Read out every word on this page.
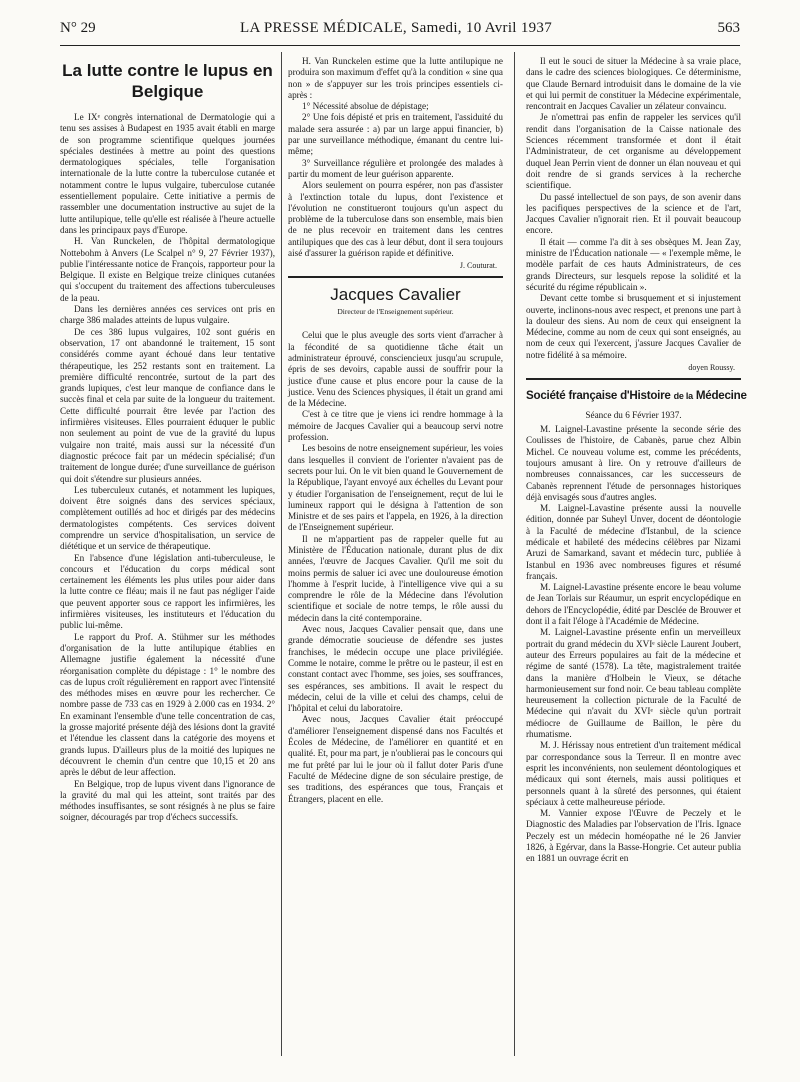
N° 29	LA PRESSE MÉDICALE, Samedi, 10 Avril 1937	563
La lutte contre le lupus en Belgique

Le IXᵉ congrès international de Dermatologie qui a tenu ses assises à Budapest en 1935 avait établi en marge de son programme scientifique quelques journées spéciales destinées à mettre au point des questions dermatologiques spéciales, telle l'organisation internationale de la lutte contre la tuberculose cutanée et notamment contre le lupus vulgaire, tuberculose cutanée essentiellement populaire. Cette initiative a permis de rassembler une documentation instructive au sujet de la lutte antilupique, telle qu'elle est réalisée à l'heure actuelle dans les principaux pays d'Europe.

H. Van Runckelen, de l'hôpital dermatologique Nottebohm à Anvers (Le Scalpel n° 9, 27 Février 1937), publie l'intéressante notice de François, rapporteur pour la Belgique. Il existe en Belgique treize cliniques cutanées qui s'occupent du traitement des affections tuberculeuses de la peau.

Dans les dernières années ces services ont pris en charge 386 malades atteints de lupus vulgaire.

De ces 386 lupus vulgaires, 102 sont guéris en observation, 17 ont abandonné le traitement, 15 sont considérés comme ayant échoué dans leur tentative thérapeutique, les 252 restants sont en traitement. La première difficulté rencontrée, surtout de la part des grands lupiques, c'est leur manque de confiance dans le succès final et cela par suite de la longueur du traitement. Cette difficulté pourrait être levée par l'action des infirmières visiteuses. Elles pourraient éduquer le public non seulement au point de vue de la gravité du lupus vulgaire non traité, mais aussi sur la nécessité d'un diagnostic précoce fait par un médecin spécialisé; d'un traitement de longue durée; d'une surveillance de guérison qui doit s'étendre sur plusieurs années.

Les tuberculeux cutanés, et notamment les lupiques, doivent être soignés dans des services spéciaux, complètement outillés ad hoc et dirigés par des médecins dermatologistes compétents. Ces services doivent comprendre un service d'hospitalisation, un service de diététique et un service de thérapeutique.

En l'absence d'une législation anti-tuberculeuse, le concours et l'éducation du corps médical sont certainement les éléments les plus utiles pour aider dans la lutte contre ce fléau; mais il ne faut pas négliger l'aide que peuvent apporter sous ce rapport les infirmières, les infirmières visiteuses, les instituteurs et l'éducation du public lui-même.

Le rapport du Prof. A. Stühmer sur les méthodes d'organisation de la lutte antilupique établies en Allemagne justifie également la nécessité d'une réorganisation complète du dépistage : 1° le nombre des cas de lupus croît régulièrement en rapport avec l'intensité des méthodes mises en œuvre pour les rechercher. Ce nombre passe de 733 cas en 1929 à 2.000 cas en 1934. 2° En examinant l'ensemble d'une telle concentration de cas, la grosse majorité présente déjà des lésions dont la gravité et l'étendue les classent dans la catégorie des moyens et grands lupus. D'ailleurs plus de la moitié des lupiques ne découvrent le chemin d'un centre que 10,15 et 20 ans après le début de leur affection.

En Belgique, trop de lupus vivent dans l'ignorance de la gravité du mal qui les atteint, sont traités par des méthodes insuffisantes, se sont résignés à ne plus se faire soigner, découragés par trop d'échecs successifs.

H. Van Runckelen estime que la lutte antilupique ne produira son maximum d'effet qu'à la condition « sine qua non » de s'appuyer sur les trois principes essentiels ci-après :

1° Nécessité absolue de dépistage;

2° Une fois dépisté et pris en traitement, l'assiduité du malade sera assurée : a) par un large appui financier, b) par une surveillance méthodique, émanant du centre lui-même;

3° Surveillance régulière et prolongée des malades à partir du moment de leur guérison apparente.

Alors seulement on pourra espérer, non pas d'assister à l'extinction totale du lupus, dont l'existence et l'évolution ne constitueront toujours qu'un aspect du problème de la tuberculose dans son ensemble, mais bien de ne plus recevoir en traitement dans les centres antilupiques que des cas à leur début, dont il sera toujours aisé d'assurer la guérison rapide et définitive.

J. Couturat.
Jacques Cavalier
Directeur de l'Enseignement supérieur.

Celui que le plus aveugle des sorts vient d'arracher à la fécondité de sa quotidienne tâche était un administrateur éprouvé, consciencieux jusqu'au scrupule, épris de ses devoirs, capable aussi de souffrir pour la justice d'une cause et plus encore pour la cause de la justice. Venu des Sciences physiques, il était un grand ami de la Médecine.

C'est à ce titre que je viens ici rendre hommage à la mémoire de Jacques Cavalier qui a beaucoup servi notre profession.

Les besoins de notre enseignement supérieur, les voies dans lesquelles il convient de l'orienter n'avaient pas de secrets pour lui. On le vit bien quand le Gouvernement de la République, l'ayant envoyé aux échelles du Levant pour y étudier l'organisation de l'enseignement, reçut de lui le lumineux rapport qui le désigna à l'attention de son Ministre et de ses pairs et l'appela, en 1926, à la direction de l'Enseignement supérieur.

Il ne m'appartient pas de rappeler quelle fut au Ministère de l'Éducation nationale, durant plus de dix années, l'œuvre de Jacques Cavalier. Qu'il me soit du moins permis de saluer ici avec une douloureuse émotion l'homme à l'esprit lucide, à l'intelligence vive qui a su comprendre le rôle de la Médecine dans l'évolution scientifique et sociale de notre temps, le rôle aussi du médecin dans la cité contemporaine.

Avec nous, Jacques Cavalier pensait que, dans une grande démocratie soucieuse de défendre ses justes franchises, le médecin occupe une place privilégiée. Comme le notaire, comme le prêtre ou le pasteur, il est en constant contact avec l'homme, ses joies, ses souffrances, ses espérances, ses ambitions. Il avait le respect du médecin, celui de la ville et celui des champs, celui de l'hôpital et celui du laboratoire.

Avec nous, Jacques Cavalier était préoccupé d'améliorer l'enseignement dispensé dans nos Facultés et Écoles de Médecine, de l'améliorer en quantité et en qualité. Et, pour ma part, je n'oublierai pas le concours qui me fut prêté par lui le jour où il fallut doter Paris d'une Faculté de Médecine digne de son séculaire prestige, de ses traditions, des espérances que tous, Français et Étrangers, placent en elle.

Il eut le souci de situer la Médecine à sa vraie place, dans le cadre des sciences biologiques. Ce déterminisme, que Claude Bernard introduisit dans le domaine de la vie et qui lui permit de constituer la Médecine expérimentale, rencontrait en Jacques Cavalier un zélateur convaincu.

Je n'omettrai pas enfin de rappeler les services qu'il rendit dans l'organisation de la Caisse nationale des Sciences récemment transformée et dont il était l'Administrateur, de cet organisme au développement duquel Jean Perrin vient de donner un élan nouveau et qui doit rendre de si grands services à la recherche scientifique.

Du passé intellectuel de son pays, de son avenir dans les pacifiques perspectives de la science et de l'art, Jacques Cavalier n'ignorait rien. Et il pouvait beaucoup encore.

Il était — comme l'a dit à ses obsèques M. Jean Zay, ministre de l'Éducation nationale — « l'exemple même, le modèle parfait de ces hauts Administrateurs, de ces grands Directeurs, sur lesquels repose la solidité et la sécurité du régime républicain ».

Devant cette tombe si brusquement et si injustement ouverte, inclinons-nous avec respect, et prenons une part à la douleur des siens. Au nom de ceux qui enseignent la Médecine, comme au nom de ceux qui sont enseignés, au nom de ceux qui l'exercent, j'assure Jacques Cavalier de notre fidélité à sa mémoire.

doyen Roussy.
Société française d'Histoire de la Médecine
Séance du 6 Février 1937.

M. Laignel-Lavastine présente la seconde série des Coulisses de l'histoire, de Cabanès, parue chez Albin Michel. Ce nouveau volume est, comme les précédents, toujours amusant à lire. On y retrouve d'ailleurs de nombreuses connaissances, car les successeurs de Cabanès reprennent l'étude de personnages historiques déjà envisagés sous d'autres angles.

M. Laignel-Lavastine présente aussi la nouvelle édition, donnée par Suheyl Unver, docent de déontologie à la Faculté de médecine d'Istanbul, de la science médicale et habileté des médecins célèbres par Nizami Aruzi de Samarkand, savant et médecin turc, publiée à Istanbul en 1936 avec nombreuses figures et résumé français.

M. Laignel-Lavastine présente encore le beau volume de Jean Torlais sur Réaumur, un esprit encyclopédique en dehors de l'Encyclopédie, édité par Desclée de Brouwer et dont il a fait l'éloge à l'Académie de Médecine.

M. Laignel-Lavastine présente enfin un merveilleux portrait du grand médecin du XVIᵉ siècle Laurent Joubert, auteur des Erreurs populaires au fait de la médecine et régime de santé (1578). La tête, magistralement traitée dans la manière d'Holbein le Vieux, se détache harmonieusement sur fond noir. Ce beau tableau complète heureusement la collection picturale de la Faculté de Médecine qui n'avait du XVIᵉ siècle qu'un portrait médiocre de Guillaume de Baillon, le père du rhumatisme.

M. J. Hérissay nous entretient d'un traitement médical par correspondance sous la Terreur. Il en montre avec esprit les inconvénients, non seulement déontologiques et médicaux qui sont éternels, mais aussi politiques et personnels quant à la sûreté des personnes, qui étaient spéciaux à cette malheureuse période.

M. Vannier expose l'Œuvre de Peczely et le Diagnostic des Maladies par l'observation de l'Iris. Ignace Peczely est un médecin homéopathe né le 26 Janvier 1826, à Egérvar, dans la Basse-Hongrie. Cet auteur publia en 1881 un ouvrage écrit en
